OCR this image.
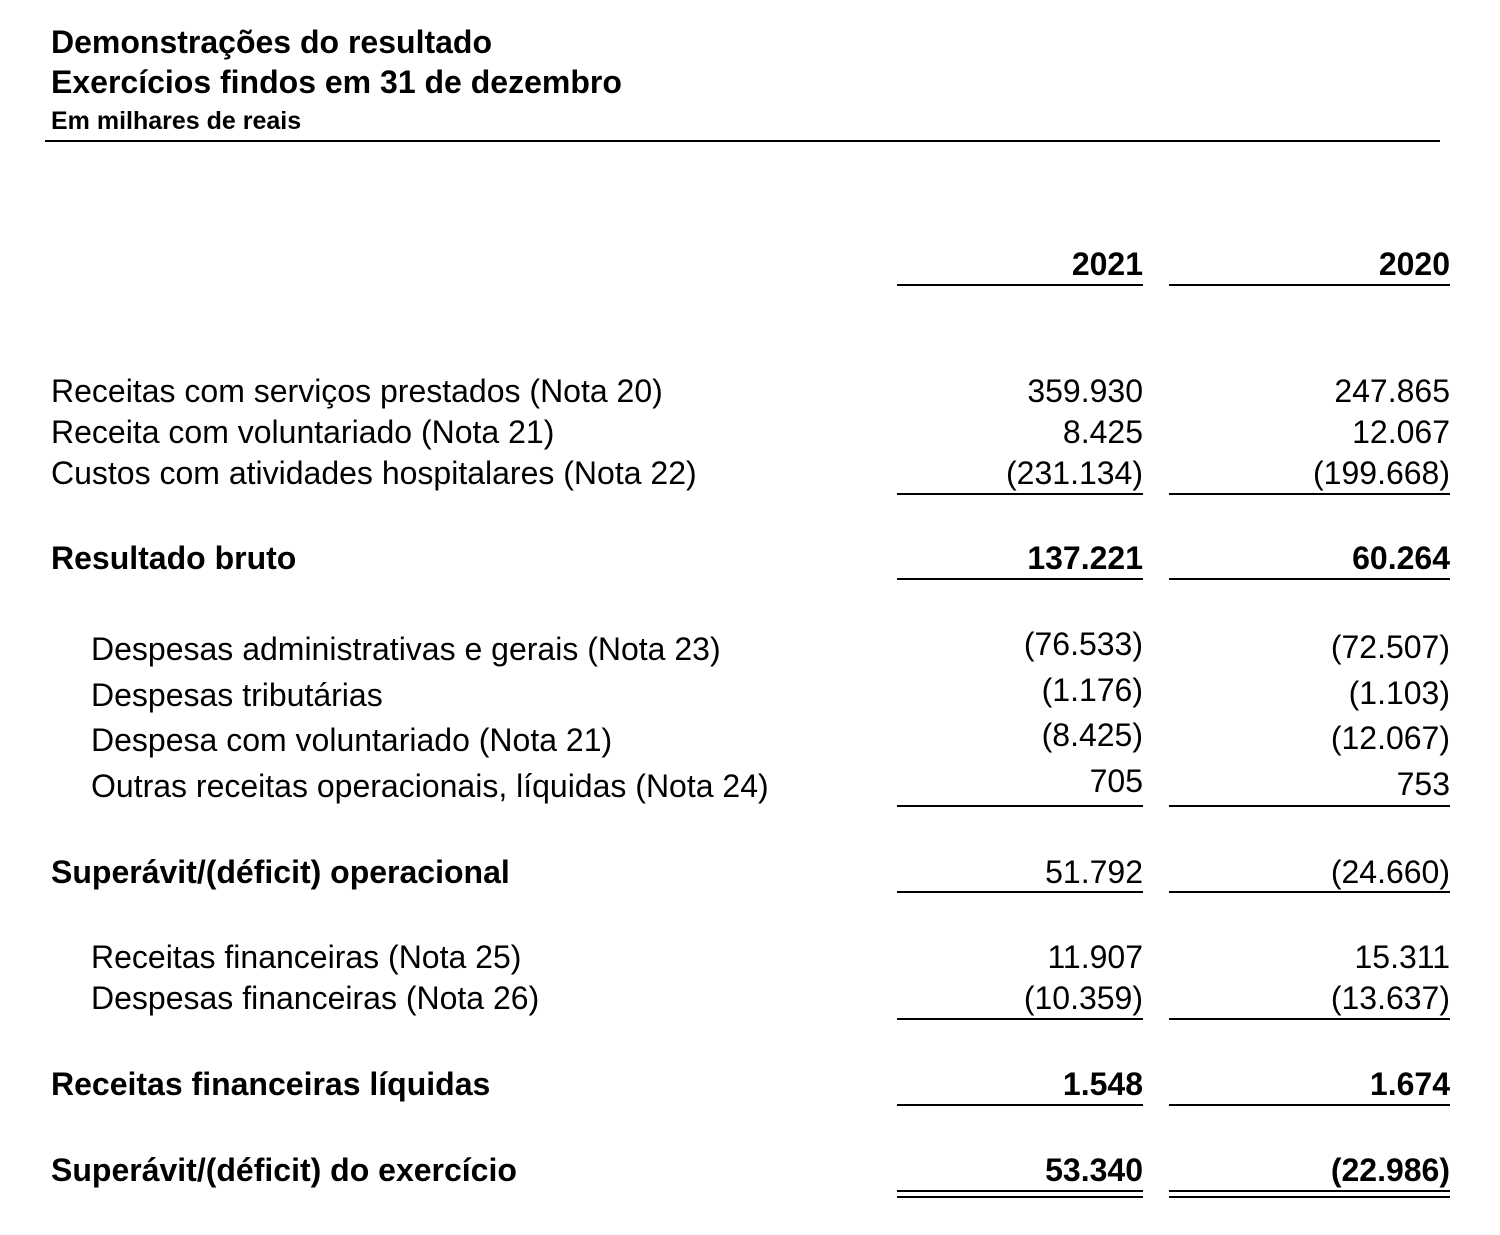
Demonstrações do resultado
Exercícios findos em 31 de dezembro
Em milhares de reais
2021	2020
Receitas com serviços prestados (Nota 20)	359.930	247.865
Receita com voluntariado (Nota 21)	8.425	12.067
Custos com atividades hospitalares (Nota 22)	(231.134)	(199.668)
Resultado bruto	137.221	60.264
Despesas administrativas e gerais (Nota 23)	(76.533)	(72.507)
Despesas tributárias	(1.176)	(1.103)
Despesa com voluntariado (Nota 21)	(8.425)	(12.067)
Outras receitas operacionais, líquidas (Nota 24)	705	753
Superávit/(déficit) operacional	51.792	(24.660)
Receitas financeiras (Nota 25)	11.907	15.311
Despesas financeiras (Nota 26)	(10.359)	(13.637)
Receitas financeiras líquidas	1.548	1.674
Superávit/(déficit) do exercício	53.340	(22.986)
